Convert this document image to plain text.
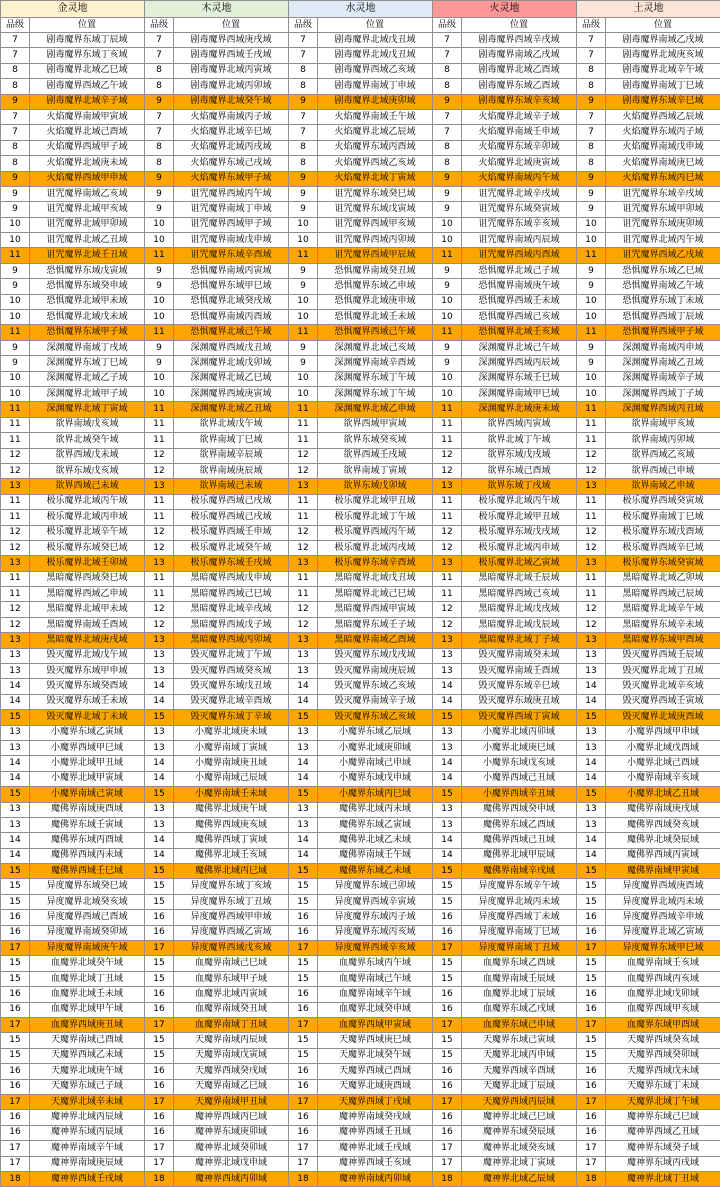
金灵地		木灵地		水灵地		火灵地		土灵地	
品级	位置	品级	位置	品级	位置	品级	位置	品级	位置
7	剧毒魔界东域丁辰域	7	剧毒魔界西域庚戌域	7	剧毒魔界北域戊丑域	7	剧毒魔界西域辛戌域	7	剧毒魔界南域乙戌域
7	剧毒魔界东域丁亥域	7	剧毒魔界西域壬戌域	7	剧毒魔界北域戊丑域	7	剧毒魔界南域乙戌域	7	剧毒魔界北域庚亥域
8	剧毒魔界北域乙巳域	8	剧毒魔界北域丙寅域	8	剧毒魔界西域乙亥域	8	剧毒魔界北域乙酉域	8	剧毒魔界北域辛午域
8	剧毒魔界西域乙午域	8	剧毒魔界北域丙卯域	8	剧毒魔界南域丁申域	8	剧毒魔界东域乙酉域	8	剧毒魔界南域丁巳域
9	剧毒魔界北域辛子域	9	剧毒魔界北域癸午域	9	剧毒魔界北域庚卯域	9	剧毒魔界东域辛亥域	9	剧毒魔界东域辛巳域
7	火焰魔界南域甲寅域	7	火焰魔界南域丙子域	7	火焰魔界南域壬午域	7	火焰魔界北域辛子域	7	火焰魔界西域乙辰域
7	火焰魔界北域己酉域	7	火焰魔界北域辛巳域	7	火焰魔界北域乙辰域	7	火焰魔界南域壬申域	7	火焰魔界东域丙子域
8	火焰魔界西域甲子域	8	火焰魔界北域丙戌域	8	火焰魔界东域丙酉域	8	火焰魔界东域辛卯域	8	火焰魔界南域戊申域
8	火焰魔界北域庚未域	8	火焰魔界东域己戌域	8	火焰魔界西域乙亥域	8	火焰魔界北域庚寅域	8	火焰魔界南域庚巳域
9	火焰魔界西域甲申域	9	火焰魔界东域甲子域	9	火焰魔界北域丁寅域	9	火焰魔界南域丙午域	9	火焰魔界东域丙巳域
9	诅咒魔界南域乙亥域	9	诅咒魔界西域丙午域	9	诅咒魔界东域癸巳域	9	诅咒魔界北域辛戌域	9	诅咒魔界东域辛戌域
9	诅咒魔界北域甲亥域	9	诅咒魔界南域丁申域	9	诅咒魔界东域戊寅域	9	诅咒魔界东域癸寅域	9	诅咒魔界东域甲卯域
10	诅咒魔界北域甲卯域	10	诅咒魔界西域甲子域	10	诅咒魔界西域甲亥域	10	诅咒魔界东域辛亥域	10	诅咒魔界东域庚卯域
10	诅咒魔界北域乙丑域	10	诅咒魔界南域戊申域	10	诅咒魔界西域丙卯域	10	诅咒魔界南域丙辰域	10	诅咒魔界北域丙午域
11	诅咒魔界北域壬丑域	11	诅咒魔界东域辛酉域	11	诅咒魔界西域甲辰域	11	诅咒魔界西域丙酉域	11	诅咒魔界西域乙戌域
9	恐惧魔界东域戊寅域	9	恐惧魔界南域丙寅域	9	恐惧魔界南域癸丑域	9	恐惧魔界北域己子域	9	恐惧魔界东域乙巳域
9	恐惧魔界东域癸申域	9	恐惧魔界东域甲巳域	9	恐惧魔界东域乙申域	9	恐惧魔界南域庚午域	9	恐惧魔界南域乙午域
10	恐惧魔界北域甲未域	10	恐惧魔界北域癸戌域	10	恐惧魔界北域庚申域	10	恐惧魔界西域壬未域	10	恐惧魔界东域丁未域
10	恐惧魔界北域戊未域	10	恐惧魔界南域丙酉域	10	恐惧魔界北域壬未域	10	恐惧魔界西域己亥域	10	恐惧魔界西域丁辰域
11	恐惧魔界东域甲子域	11	恐惧魔界北域己午域	11	恐惧魔界西域己午域	11	恐惧魔界北域壬亥域	11	恐惧魔界西域甲子域
9	深渊魔界南域丁戌域	9	深渊魔界西域戊丑域	9	深渊魔界北域己亥域	9	深渊魔界北域己午域	9	深渊魔界南域丙申域
9	深渊魔界东域丁巳域	9	深渊魔界北域戊卯域	9	深渊魔界南域辛酉域	9	深渊魔界西域丙辰域	9	深渊魔界南域乙丑域
10	深渊魔界北域乙子域	10	深渊魔界北域乙巳域	10	深渊魔界东域丁午域	10	深渊魔界东域壬巳域	10	深渊魔界南域辛子域
10	深渊魔界北域甲子域	10	深渊魔界西域庚寅域	10	深渊魔界东域丁午域	10	深渊魔界南域甲巳域	10	深渊魔界西域丁子域
11	深渊魔界北域丁寅域	11	深渊魔界北域乙丑域	11	深渊魔界北域乙申域	11	深渊魔界北域庚未域	11	深渊魔界西域丙丑域
11	欲界南域戊亥域	11	欲界北域戊午域	11	欲界西域甲寅域	11	欲界西域丙寅域	11	欲界南域甲亥域
11	欲界北域癸午域	11	欲界南域丁巳域	11	欲界东域癸亥域	11	欲界北域丁午域	11	欲界南域丙卯域
12	欲界西域戊未域	12	欲界南域辛辰域	12	欲界西域壬戌域	12	欲界东域戊戌域	12	欲界西域乙亥域
12	欲界东域戊亥域	12	欲界南域庚辰域	12	欲界南域丁寅域	12	欲界东域己酉域	12	欲界西域己申域
13	欲界西域己未域	13	欲界南域己未域	13	欲界东域戊卯域	13	欲界东域丁戌域	13	欲界南域乙申域
11	极乐魔界北域丙午域	11	极乐魔界西域己戌域	11	极乐魔界北域甲丑域	11	极乐魔界北域丙午域	11	极乐魔界西域癸寅域
11	极乐魔界北域丙申域	11	极乐魔界西域己戌域	11	极乐魔界北域丁午域	11	极乐魔界北域甲丑域	11	极乐魔界南域丁巳域
12	极乐魔界北域辛午域	12	极乐魔界西域壬申域	12	极乐魔界西域丙午域	12	极乐魔界东域戊戌域	12	极乐魔界东域戊酉域
12	极乐魔界东域癸巳域	12	极乐魔界北域癸午域	12	极乐魔界北域丙戌域	12	极乐魔界北域丙申域	12	极乐魔界西域辛巳域
13	极乐魔界北域壬卯域	13	极乐魔界东域壬戌域	13	极乐魔界东域辛酉域	13	极乐魔界北域乙寅域	13	极乐魔界东域癸寅域
11	黑暗魔界西域癸巳域	11	黑暗魔界西域戊申域	11	黑暗魔界北域戊丑域	11	黑暗魔界北域壬辰域	11	黑暗魔界北域乙卯域
11	黑暗魔界西域乙申域	11	黑暗魔界西域己巳域	11	黑暗魔界北域己巳域	11	黑暗魔界西域己亥域	11	黑暗魔界西域己辰域
12	黑暗魔界北域甲未域	12	黑暗魔界北域辛戌域	12	黑暗魔界西域甲寅域	12	黑暗魔界北域戊戌域	12	黑暗魔界北域辛午域
12	黑暗魔界南域壬酉域	12	黑暗魔界西域戊子域	12	黑暗魔界东域壬子域	12	黑暗魔界北域戊辰域	12	黑暗魔界东域辛未域
13	黑暗魔界北域庚戌域	13	黑暗魔界西域丙卯域	13	黑暗魔界南域乙酉域	13	黑暗魔界北域丁子域	13	黑暗魔界东域甲酉域
13	毁灭魔界北域戊午域	13	毁灭魔界北域丁午域	13	毁灭魔界东域戊戌域	13	毁灭魔界南域癸未域	13	毁灭魔界西域壬辰域
13	毁灭魔界东域甲申域	13	毁灭魔界西域癸亥域	13	毁灭魔界南域庚辰域	13	毁灭魔界南域壬酉域	13	毁灭魔界北域丁丑域
14	毁灭魔界东域癸酉域	14	毁灭魔界东域戊丑域	14	毁灭魔界东域乙亥域	14	毁灭魔界东域辛巳域	14	毁灭魔界北域辛亥域
14	毁灭魔界东域壬未域	14	毁灭魔界北域辛酉域	14	毁灭魔界南域辛子域	14	毁灭魔界东域庚丑域	14	毁灭魔界西域壬寅域
15	毁灭魔界北域丁未域	15	毁灭魔界东域丁辛域	15	毁灭魔界东域乙亥域	15	毁灭魔界西域丁寅域	15	毁灭魔界北域庚酉域
13	小魔界东域乙寅域	13	小魔界北域庚未域	13	小魔界东域乙辰域	13	小魔界北域丙卯域	13	小魔界西域甲申域
13	小魔界西域甲巳域	13	小魔界南域丁寅域	13	小魔界北域庚卯域	13	小魔界北域庚巳域	13	小魔界北域戊酉域
14	小魔界北域甲丑域	14	小魔界南域庚丑域	14	小魔界南域己申域	14	小魔界东域戊亥域	14	小魔界北域己酉域
14	小魔界北域甲寅域	14	小魔界南域己辰域	14	小魔界东域戊申域	14	小魔界西域己丑域	14	小魔界南域辛亥域
15	小魔界南域己寅域	15	小魔界南域壬未域	15	小魔界东域丙巳域	15	小魔界西域辛丑域	15	小魔界北域乙丑域
13	魔佛界南域庚酉域	13	魔佛界北域庚午域	13	魔佛界北域丙未域	13	魔佛界西域癸申域	13	魔佛界南域庚戌域
13	魔佛界东域壬寅域	13	魔佛界西域庚亥域	13	魔佛界东域乙寅域	13	魔佛界东域乙酉域	13	魔佛界西域癸亥域
14	魔佛界东域丙酉域	14	魔佛界西域丁寅域	14	魔佛界北域乙未域	14	魔佛界西域己丑域	14	魔佛界北域癸辰域
14	魔佛界西域丙未域	14	魔佛界北域壬亥域	14	魔佛界南域壬午域	14	魔佛界北域甲辰域	14	魔佛界西域丙寅域
15	魔佛界西域壬巳域	15	魔佛界北域丙巳域	15	魔佛界东域乙未域	15	魔佛界南域辛戌域	15	魔佛界南域甲寅域
15	异度魔界东域癸巳域	15	异度魔界东域丁亥域	15	异度魔界东域己卯域	15	异度魔界东域辛午域	15	异度魔界西域庚酉域
15	异度魔界北域癸亥域	15	异度魔界东域丁丑域	15	异度魔界西域辛寅域	15	异度魔界北域丙未域	15	异度魔界北域丙未域
16	异度魔界西域己酉域	16	异度魔界西域甲申域	16	异度魔界东域丙子域	16	异度魔界西域丁未域	16	异度魔界西域辛申域
16	异度魔界南域癸卯域	16	异度魔界西域乙寅域	16	异度魔界东域丙亥域	16	异度魔界南域丁巳域	16	异度魔界北域乙寅域
17	异度魔界南域庚午域	17	异度魔界西域戊亥域	17	异度魔界西域辛亥域	17	异度魔界南域丁丑域	17	异度魔界东域甲巳域
15	血魔界北域癸午域	15	血魔界南域己巳域	15	血魔界东域丙午域	15	血魔界东域乙酉域	15	血魔界南域壬亥域
15	血魔界北域丁丑域	15	血魔界东域甲子域	15	血魔界南域己午域	15	血魔界南域壬辰域	15	血魔界西域丙亥域
16	血魔界北域壬未域	16	血魔界北域丙寅域	16	血魔界南域辛午域	16	血魔界北域丁辰域	16	血魔界北域戊卯域
16	血魔界北域甲午域	16	血魔界南域癸丑域	16	血魔界北域癸申域	16	血魔界东域乙戌域	16	血魔界西域甲亥域
17	血魔界西域庚丑域	17	血魔界南域丁丑域	17	血魔界西域甲寅域	17	血魔界东域己申域	17	血魔界东域甲酉域
15	天魔界南域己酉域	15	天魔界南域丙辰域	15	天魔界西域庚巳域	15	天魔界东域己寅域	15	天魔界西域癸亥域
15	天魔界西域乙未域	15	天魔界南域戊寅域	15	天魔界北域癸午域	15	天魔界北域丙申域	15	天魔界西域癸卯域
16	天魔界北域庚午域	16	天魔界西域癸戌域	16	天魔界西域己酉域	16	天魔界西域辛酉域	16	天魔界西域戊未域
16	天魔界东域己子域	16	天魔界南域乙巳域	16	天魔界北域庚酉域	16	天魔界北域丁辰域	16	天魔界东域丁未域
17	天魔界北域辛未域	17	天魔界南域甲丑域	17	天魔界西域丁戌域	17	天魔界西域丙辰域	17	天魔界北域丁午域
16	魔神界北域丙辰域	16	魔神界西域丙巳域	16	魔神界南域癸戌域	16	魔神界北域己巳域	16	魔神界东域己巳域
16	魔神界东域丙辰域	16	魔神界东域庚卯域	16	魔神界西域壬丑域	16	魔神界东域癸辰域	16	魔神界西域乙丑域
17	魔神界南域辛午域	17	魔神界北域癸卯域	17	魔神界北域壬戌域	17	魔神界北域癸亥域	17	魔神界东域癸子域
17	魔神界南域庚辰域	17	魔神界北域戊申域	17	魔神界西域壬亥域	17	魔神界北域丁寅域	17	魔神界东域丙戌域
18	魔神界西域壬戌域	18	魔神界西域丙卯域	18	魔神界南域丙卯域	18	魔神界北域乙辰域	18	魔神界北域丁丑域
